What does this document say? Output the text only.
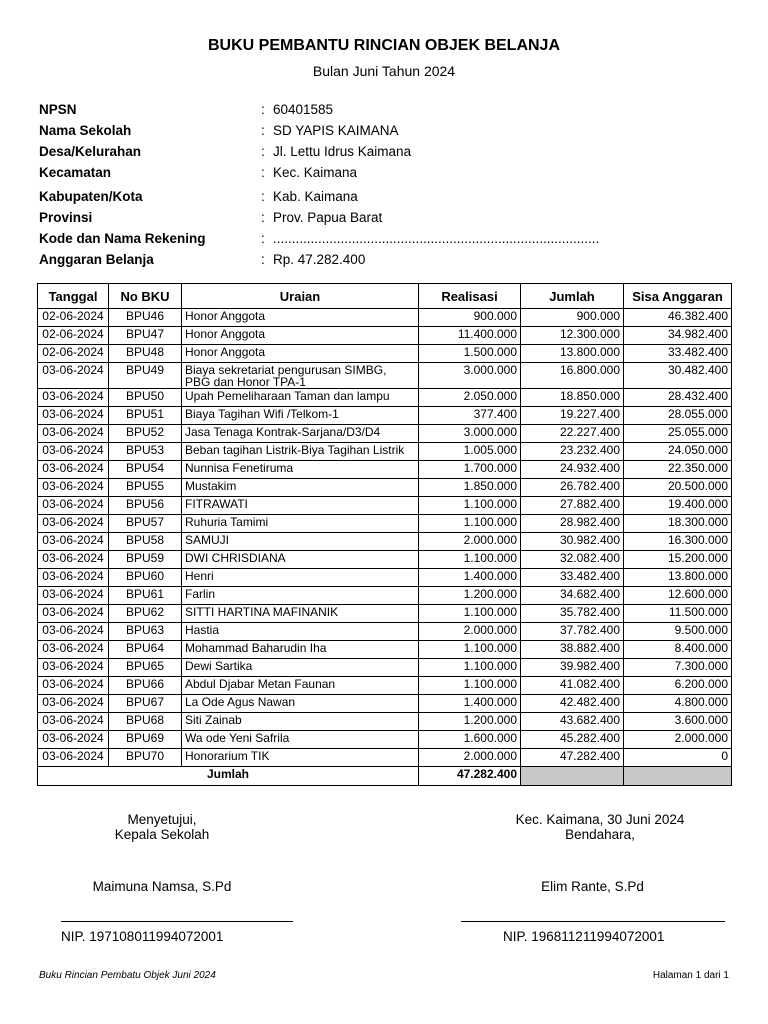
BUKU PEMBANTU RINCIAN OBJEK BELANJA
Bulan Juni Tahun 2024
NPSN	: 60401585
Nama Sekolah	: SD YAPIS KAIMANA
Desa/Kelurahan	: Jl. Lettu Idrus Kaimana
Kecamatan	: Kec. Kaimana
Kabupaten/Kota	: Kab. Kaimana
Provinsi	: Prov. Papua Barat
Kode dan Nama Rekening	: .......................................................................................
Anggaran Belanja	: Rp. 47.282.400
Tanggal	No BKU	Uraian	Realisasi	Jumlah	Sisa Anggaran
02-06-2024	BPU46	Honor Anggota	900.000	900.000	46.382.400
02-06-2024	BPU47	Honor Anggota	11.400.000	12.300.000	34.982.400
02-06-2024	BPU48	Honor Anggota	1.500.000	13.800.000	33.482.400
03-06-2024	BPU49	Biaya sekretariat pengurusan SIMBG, PBG dan Honor TPA-1	3.000.000	16.800.000	30.482.400
03-06-2024	BPU50	Upah Pemeliharaan Taman dan lampu	2.050.000	18.850.000	28.432.400
03-06-2024	BPU51	Biaya Tagihan Wifi /Telkom-1	377.400	19.227.400	28.055.000
03-06-2024	BPU52	Jasa Tenaga Kontrak-Sarjana/D3/D4	3.000.000	22.227.400	25.055.000
03-06-2024	BPU53	Beban tagihan Listrik-Biya Tagihan Listrik	1.005.000	23.232.400	24.050.000
03-06-2024	BPU54	Nunnisa Fenetiruma	1.700.000	24.932.400	22.350.000
03-06-2024	BPU55	Mustakim	1.850.000	26.782.400	20.500.000
03-06-2024	BPU56	FITRAWATI	1.100.000	27.882.400	19.400.000
03-06-2024	BPU57	Ruhuria Tamimi	1.100.000	28.982.400	18.300.000
03-06-2024	BPU58	SAMUJI	2.000.000	30.982.400	16.300.000
03-06-2024	BPU59	DWI CHRISDIANA	1.100.000	32.082.400	15.200.000
03-06-2024	BPU60	Henri	1.400.000	33.482.400	13.800.000
03-06-2024	BPU61	Farlin	1.200.000	34.682.400	12.600.000
03-06-2024	BPU62	SITTI HARTINA MAFINANIK	1.100.000	35.782.400	11.500.000
03-06-2024	BPU63	Hastia	2.000.000	37.782.400	9.500.000
03-06-2024	BPU64	Mohammad Baharudin Iha	1.100.000	38.882.400	8.400.000
03-06-2024	BPU65	Dewi Sartika	1.100.000	39.982.400	7.300.000
03-06-2024	BPU66	Abdul Djabar Metan Faunan	1.100.000	41.082.400	6.200.000
03-06-2024	BPU67	La Ode Agus Nawan	1.400.000	42.482.400	4.800.000
03-06-2024	BPU68	Siti Zainab	1.200.000	43.682.400	3.600.000
03-06-2024	BPU69	Wa ode Yeni Safrila	1.600.000	45.282.400	2.000.000
03-06-2024	BPU70	Honorarium TIK	2.000.000	47.282.400	0
Jumlah			47.282.400		
Menyetujui,
Kepala Sekolah
Maimuna Namsa, S.Pd
NIP. 197108011994072001
Kec. Kaimana, 30 Juni 2024
Bendahara,
Elim Rante, S.Pd
NIP. 196811211994072001
Buku Rincian Pembatu Objek Juni 2024	Halaman 1 dari 1
